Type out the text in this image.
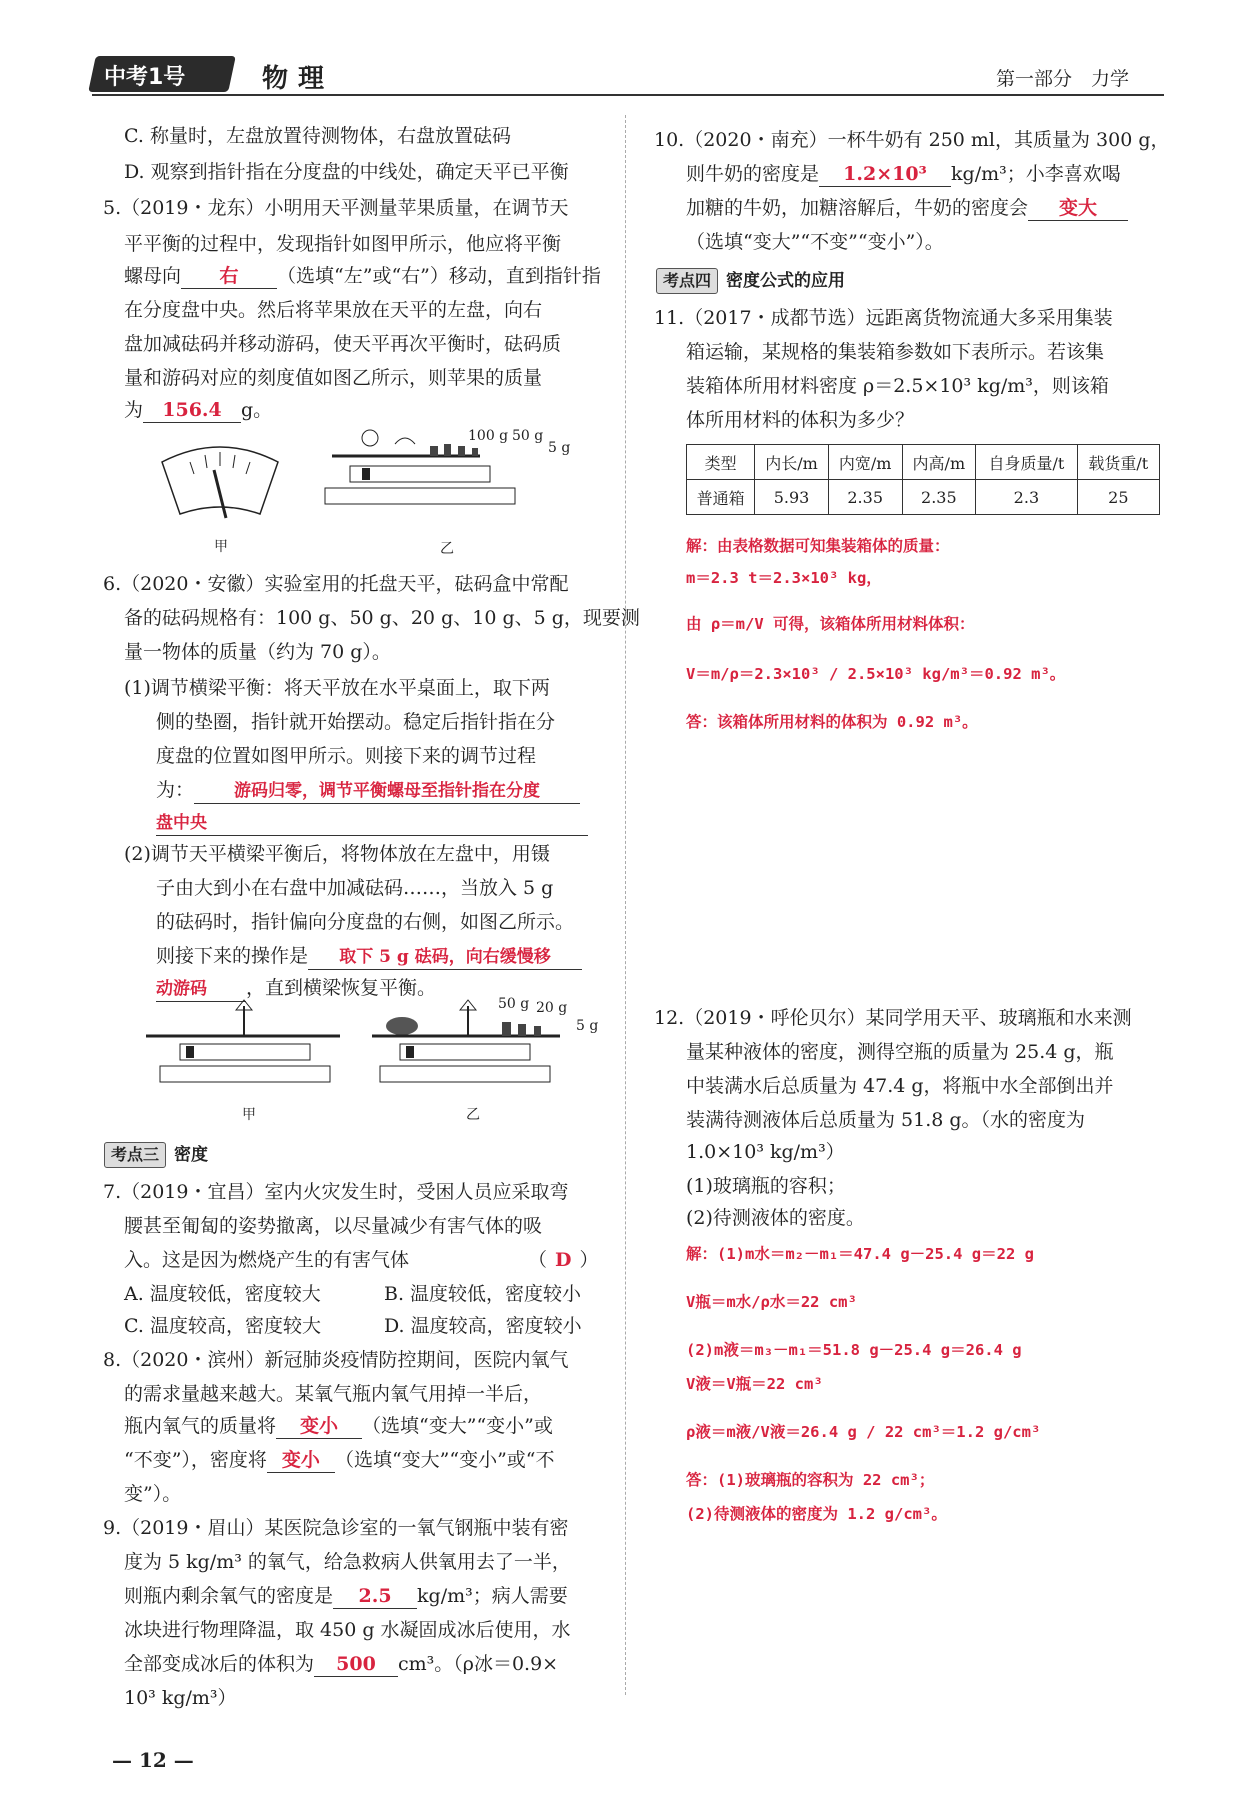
中考1号	物理	第一部分　力学
C. 称量时，左盘放置待测物体，右盘放置砝码
D. 观察到指针指在分度盘的中线处，确定天平已平衡
5.（2019・龙东）小明用天平测量苹果质量，在调节天
平平衡的过程中，发现指针如图甲所示，他应将平衡
螺母向 右 （选填“左”或“右”）移动，直到指针指
在分度盘中央。然后将苹果放在天平的左盘，向右
盘加减砝码并移动游码，使天平再次平衡时，砝码质
量和游码对应的刻度值如图乙所示，则苹果的质量
为 156.4 g。
甲	乙
100 g 50 g
5 g
6.（2020・安徽）实验室用的托盘天平，砝码盒中常配
备的砝码规格有：100 g、50 g、20 g、10 g、5 g，现要测
量一物体的质量（约为 70 g）。
(1)调节横梁平衡：将天平放在水平桌面上，取下两
侧的垫圈，指针就开始摆动。稳定后指针指在分
度盘的位置如图甲所示。则接下来的调节过程
为： 游码归零，调节平衡螺母至指针指在分度
盘中央
(2)调节天平横梁平衡后，将物体放在左盘中，用镊
子由大到小在右盘中加减砝码……，当放入 5 g
的砝码时，指针偏向分度盘的右侧，如图乙所示。
则接下来的操作是 取下 5 g 砝码，向右缓慢移
动游码 ，直到横梁恢复平衡。
甲	乙
50 g 20 g
5 g
考点三 密度
7.（2019・宜昌）室内火灾发生时，受困人员应采取弯
腰甚至匍匐的姿势撤离，以尽量减少有害气体的吸
入。这是因为燃烧产生的有害气体	（ D ）
A. 温度较低，密度较大	B. 温度较低，密度较小
C. 温度较高，密度较大	D. 温度较高，密度较小
8.（2020・滨州）新冠肺炎疫情防控期间，医院内氧气
的需求量越来越大。某氧气瓶内氧气用掉一半后，
瓶内氧气的质量将 变小 （选填“变大”“变小”或
“不变”），密度将 变小 （选填“变大”“变小”或“不
变”）。
9.（2019・眉山）某医院急诊室的一氧气钢瓶中装有密
度为 5 kg/m³ 的氧气，给急救病人供氧用去了一半，
则瓶内剩余氧气的密度是 2.5 kg/m³；病人需要
冰块进行物理降温，取 450 g 水凝固成冰后使用，水
全部变成冰后的体积为 500 cm³。（ρ冰＝0.9×
10³ kg/m³）
— 12 —
10.（2020・南充）一杯牛奶有 250 ml，其质量为 300 g，
则牛奶的密度是 1.2×10³ kg/m³；小李喜欢喝
加糖的牛奶，加糖溶解后，牛奶的密度会 变大
（选填“变大”“不变”“变小”）。
考点四 密度公式的应用
11.（2017・成都节选）远距离货物流通大多采用集装
箱运输，某规格的集装箱参数如下表所示。若该集
装箱体所用材料密度 ρ＝2.5×10³ kg/m³，则该箱
体所用材料的体积为多少？
类型	内长/m	内宽/m	内高/m	自身质量/t	载货重/t
普通箱	5.93	2.35	2.35	2.3	25
解：由表格数据可知集装箱体的质量：
m＝2.3 t＝2.3×10³ kg，
由 ρ＝m/V 可得，该箱体所用材料体积：
V＝m/ρ＝2.3×10³ / 2.5×10³ kg/m³＝0.92 m³。
答：该箱体所用材料的体积为 0.92 m³。
12.（2019・呼伦贝尔）某同学用天平、玻璃瓶和水来测
量某种液体的密度，测得空瓶的质量为 25.4 g，瓶
中装满水后总质量为 47.4 g，将瓶中水全部倒出并
装满待测液体后总质量为 51.8 g。（水的密度为
1.0×10³ kg/m³）
(1)玻璃瓶的容积；
(2)待测液体的密度。
解：(1)m水＝m₂－m₁＝47.4 g－25.4 g＝22 g
V瓶＝m水/ρ水＝22 cm³
(2)m液＝m₃－m₁＝51.8 g－25.4 g＝26.4 g
V液＝V瓶＝22 cm³
ρ液＝m液/V液＝26.4 g / 22 cm³＝1.2 g/cm³
答：(1)玻璃瓶的容积为 22 cm³；
(2)待测液体的密度为 1.2 g/cm³。
